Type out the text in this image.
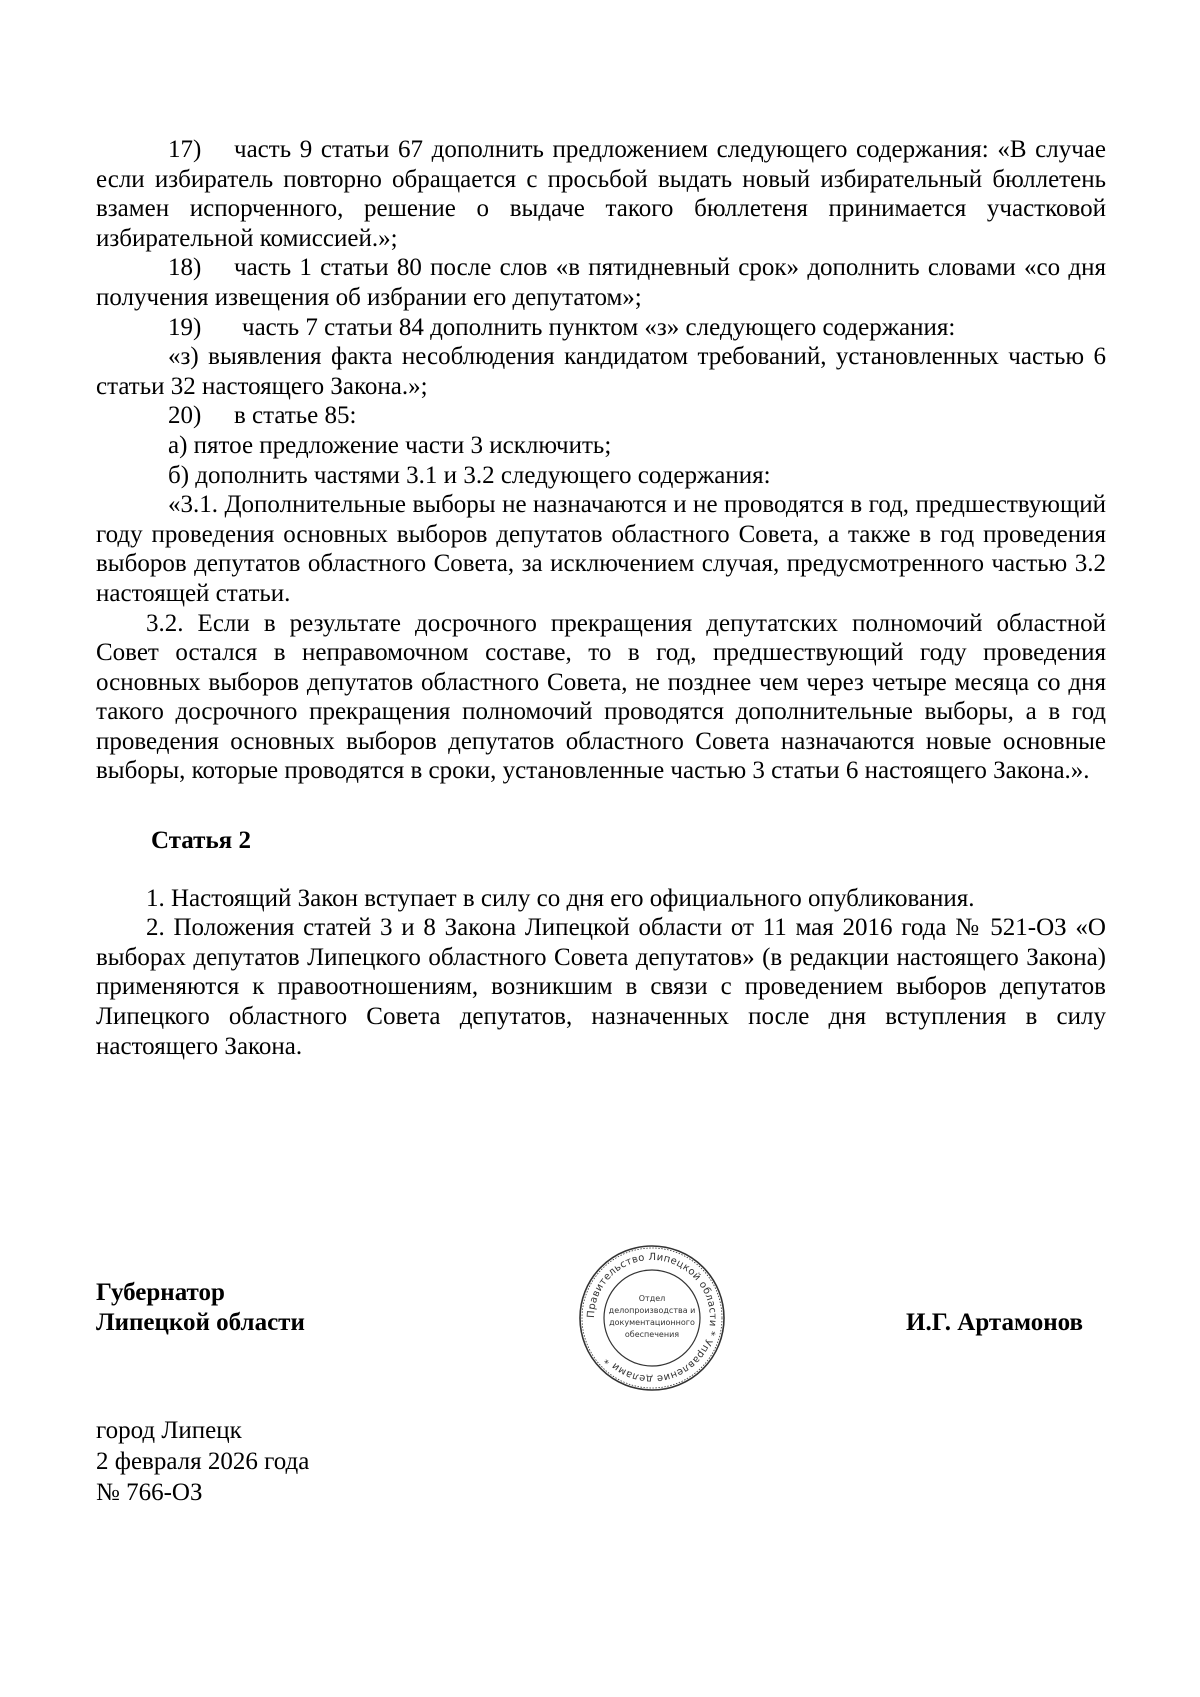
17) часть 9 статьи 67 дополнить предложением следующего содержания: «В случае если избиратель повторно обращается с просьбой выдать новый избирательный бюллетень взамен испорченного, решение о выдаче такого бюллетеня принимается участковой избирательной комиссией.»;

18) часть 1 статьи 80 после слов «в пятидневный срок» дополнить словами «со дня получения извещения об избрании его депутатом»;

19) часть 7 статьи 84 дополнить пунктом «з» следующего содержания:

«з) выявления факта несоблюдения кандидатом требований, установленных частью 6 статьи 32 настоящего Закона.»;

20) в статье 85:

а) пятое предложение части 3 исключить;

б) дополнить частями 3.1 и 3.2 следующего содержания:

«3.1. Дополнительные выборы не назначаются и не проводятся в год, предшествующий году проведения основных выборов депутатов областного Совета, а также в год проведения выборов депутатов областного Совета, за исключением случая, предусмотренного частью 3.2 настоящей статьи.

3.2. Если в результате досрочного прекращения депутатских полномочий областной Совет остался в неправомочном составе, то в год, предшествующий году проведения основных выборов депутатов областного Совета, не позднее чем через четыре месяца со дня такого досрочного прекращения полномочий проводятся дополнительные выборы, а в год проведения основных выборов депутатов областного Совета назначаются новые основные выборы, которые проводятся в сроки, установленные частью 3 статьи 6 настоящего Закона.».

Статья 2

1. Настоящий Закон вступает в силу со дня его официального опубликования.

2. Положения статей 3 и 8 Закона Липецкой области от 11 мая 2016 года № 521-ОЗ «О выборах депутатов Липецкого областного Совета депутатов» (в редакции настоящего Закона) применяются к правоотношениям, возникшим в связи с проведением выборов депутатов Липецкого областного Совета депутатов, назначенных после дня вступления в силу настоящего Закона.

Губернатор
Липецкой области	И.Г. Артамонов
Правительство Липецкой области * Управление делами *
Отдел
делопроизводства и
документационного
обеспечения
город Липецк
2 февраля 2026 года
№ 766-ОЗ
